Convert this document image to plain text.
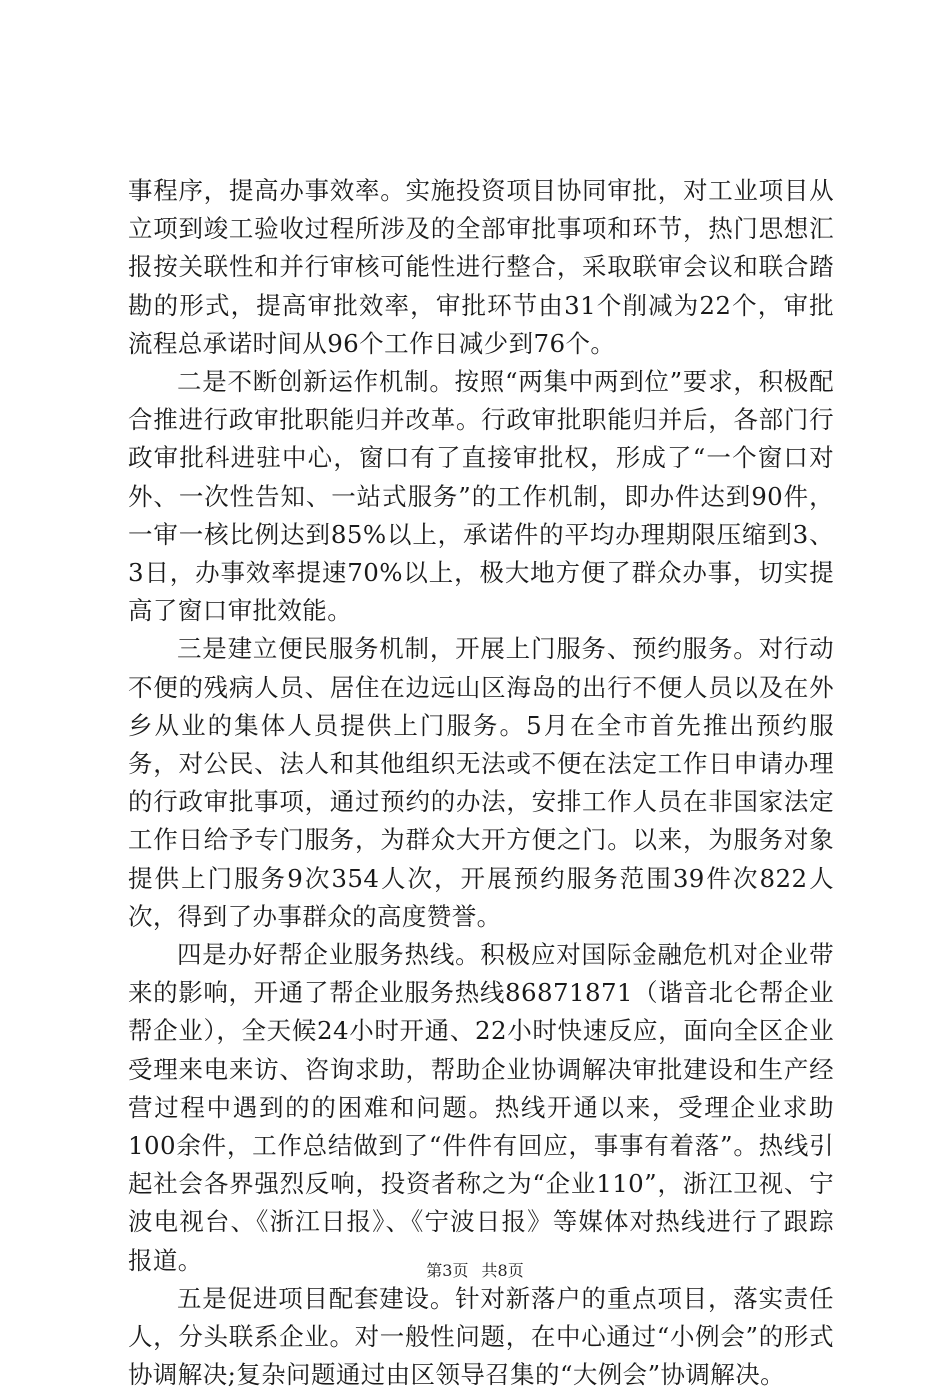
事程序，提高办事效率。实施投资项目协同审批，对工业项目从立项到竣工验收过程所涉及的全部审批事项和环节，热门思想汇报按关联性和并行审核可能性进行整合，采取联审会议和联合踏勘的形式，提高审批效率，审批环节由31个削减为22个，审批流程总承诺时间从96个工作日减少到76个。

二是不断创新运作机制。按照“两集中两到位”要求，积极配合推进行政审批职能归并改革。行政审批职能归并后，各部门行政审批科进驻中心，窗口有了直接审批权，形成了“一个窗口对外、一次性告知、一站式服务”的工作机制，即办件达到90件，一审一核比例达到85%以上，承诺件的平均办理期限压缩到3、3日，办事效率提速70%以上，极大地方便了群众办事，切实提高了窗口审批效能。

三是建立便民服务机制，开展上门服务、预约服务。对行动不便的残病人员、居住在边远山区海岛的出行不便人员以及在外乡从业的集体人员提供上门服务。5月在全市首先推出预约服务，对公民、法人和其他组织无法或不便在法定工作日申请办理的行政审批事项，通过预约的办法，安排工作人员在非国家法定工作日给予专门服务，为群众大开方便之门。以来，为服务对象提供上门服务9次354人次，开展预约服务范围39件次822人次，得到了办事群众的高度赞誉。

四是办好帮企业服务热线。积极应对国际金融危机对企业带来的影响，开通了帮企业服务热线86871871（谐音北仑帮企业帮企业），全天候24小时开通、22小时快速反应，面向全区企业受理来电来访、咨询求助，帮助企业协调解决审批建设和生产经营过程中遇到的的困难和问题。热线开通以来，受理企业求助100余件，工作总结做到了“件件有回应，事事有着落”。热线引起社会各界强烈反响，投资者称之为“企业110”，浙江卫视、宁波电视台、《浙江日报》、《宁波日报》等媒体对热线进行了跟踪报道。

五是促进项目配套建设。针对新落户的重点项目，落实责任人，分头联系企业。对一般性问题，在中心通过“小例会”的形式协调解决;复杂问题通过由区领导召集的“大例会”协调解决。

第3页 共8页
